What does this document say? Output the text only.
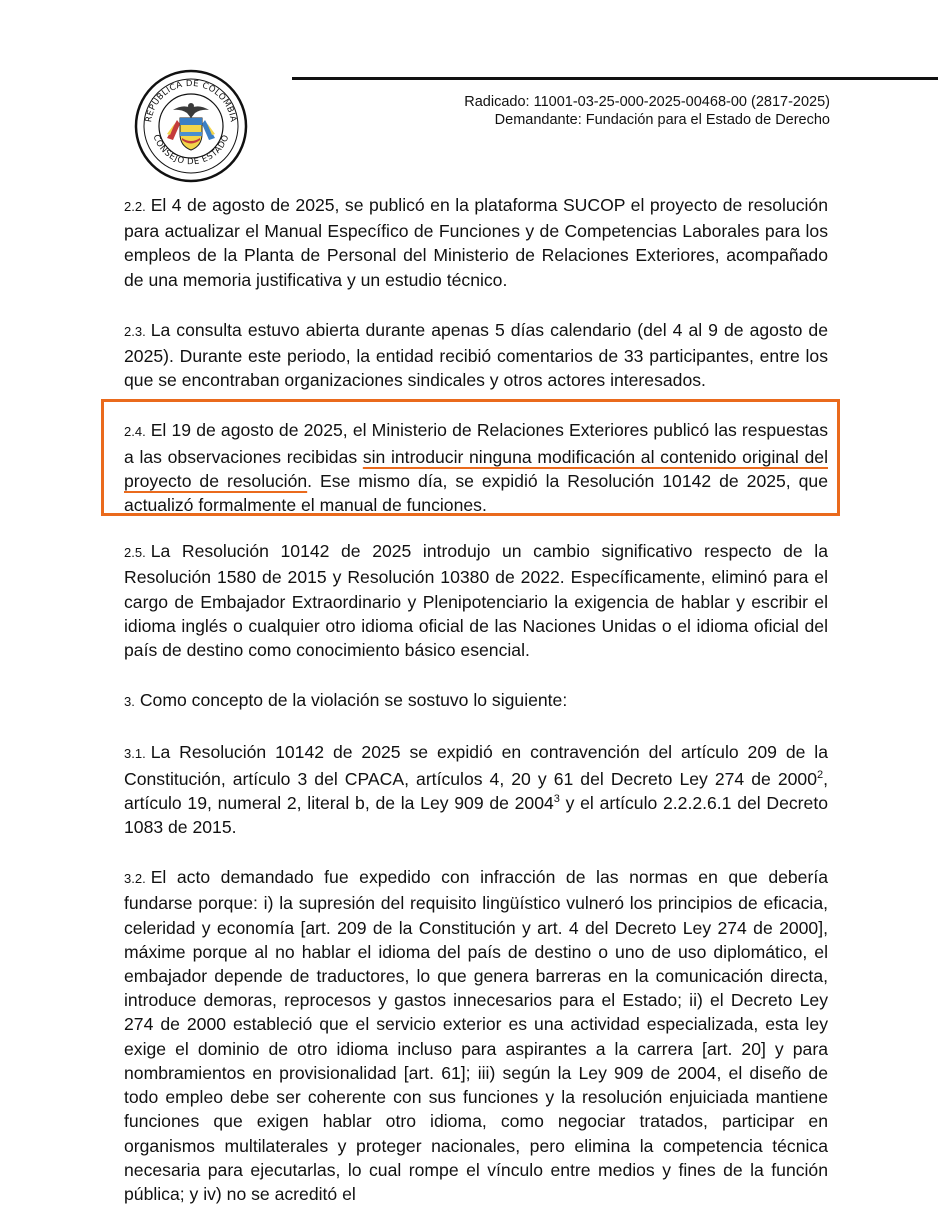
REPÚBLICA DE COLOMBIA
CONSEJO DE ESTADO
Radicado: 11001-03-25-000-2025-00468-00 (2817-2025)
Demandante: Fundación para el Estado de Derecho

2.2. El 4 de agosto de 2025, se publicó en la plataforma SUCOP el proyecto de resolución para actualizar el Manual Específico de Funciones y de Competencias Laborales para los empleos de la Planta de Personal del Ministerio de Relaciones Exteriores, acompañado de una memoria justificativa y un estudio técnico.

2.3. La consulta estuvo abierta durante apenas 5 días calendario (del 4 al 9 de agosto de 2025). Durante este periodo, la entidad recibió comentarios de 33 participantes, entre los que se encontraban organizaciones sindicales y otros actores interesados.

2.4. El 19 de agosto de 2025, el Ministerio de Relaciones Exteriores publicó las respuestas a las observaciones recibidas sin introducir ninguna modificación al contenido original del proyecto de resolución. Ese mismo día, se expidió la Resolución 10142 de 2025, que actualizó formalmente el manual de funciones.

2.5. La Resolución 10142 de 2025 introdujo un cambio significativo respecto de la Resolución 1580 de 2015 y Resolución 10380 de 2022. Específicamente, eliminó para el cargo de Embajador Extraordinario y Plenipotenciario la exigencia de hablar y escribir el idioma inglés o cualquier otro idioma oficial de las Naciones Unidas o el idioma oficial del país de destino como conocimiento básico esencial.

3. Como concepto de la violación se sostuvo lo siguiente:

3.1. La Resolución 10142 de 2025 se expidió en contravención del artículo 209 de la Constitución, artículo 3 del CPACA, artículos 4, 20 y 61 del Decreto Ley 274 de 2000$^2$, artículo 19, numeral 2, literal b, de la Ley 909 de 2004$^3$ y el artículo 2.2.2.6.1 del Decreto 1083 de 2015.

3.2. El acto demandado fue expedido con infracción de las normas en que debería fundarse porque: i) la supresión del requisito lingüístico vulneró los principios de eficacia, celeridad y economía [art. 209 de la Constitución y art. 4 del Decreto Ley 274 de 2000], máxime porque al no hablar el idioma del país de destino o uno de uso diplomático, el embajador depende de traductores, lo que genera barreras en la comunicación directa, introduce demoras, reprocesos y gastos innecesarios para el Estado; ii) el Decreto Ley 274 de 2000 estableció que el servicio exterior es una actividad especializada, esta ley exige el dominio de otro idioma incluso para aspirantes a la carrera [art. 20] y para nombramientos en provisionalidad [art. 61]; iii) según la Ley 909 de 2004, el diseño de todo empleo debe ser coherente con sus funciones y la resolución enjuiciada mantiene funciones que exigen hablar otro idioma, como negociar tratados, participar en organismos multilaterales y proteger nacionales, pero elimina la competencia técnica necesaria para ejecutarlas, lo cual rompe el vínculo entre medios y fines de la función pública; y iv) no se acreditó el
